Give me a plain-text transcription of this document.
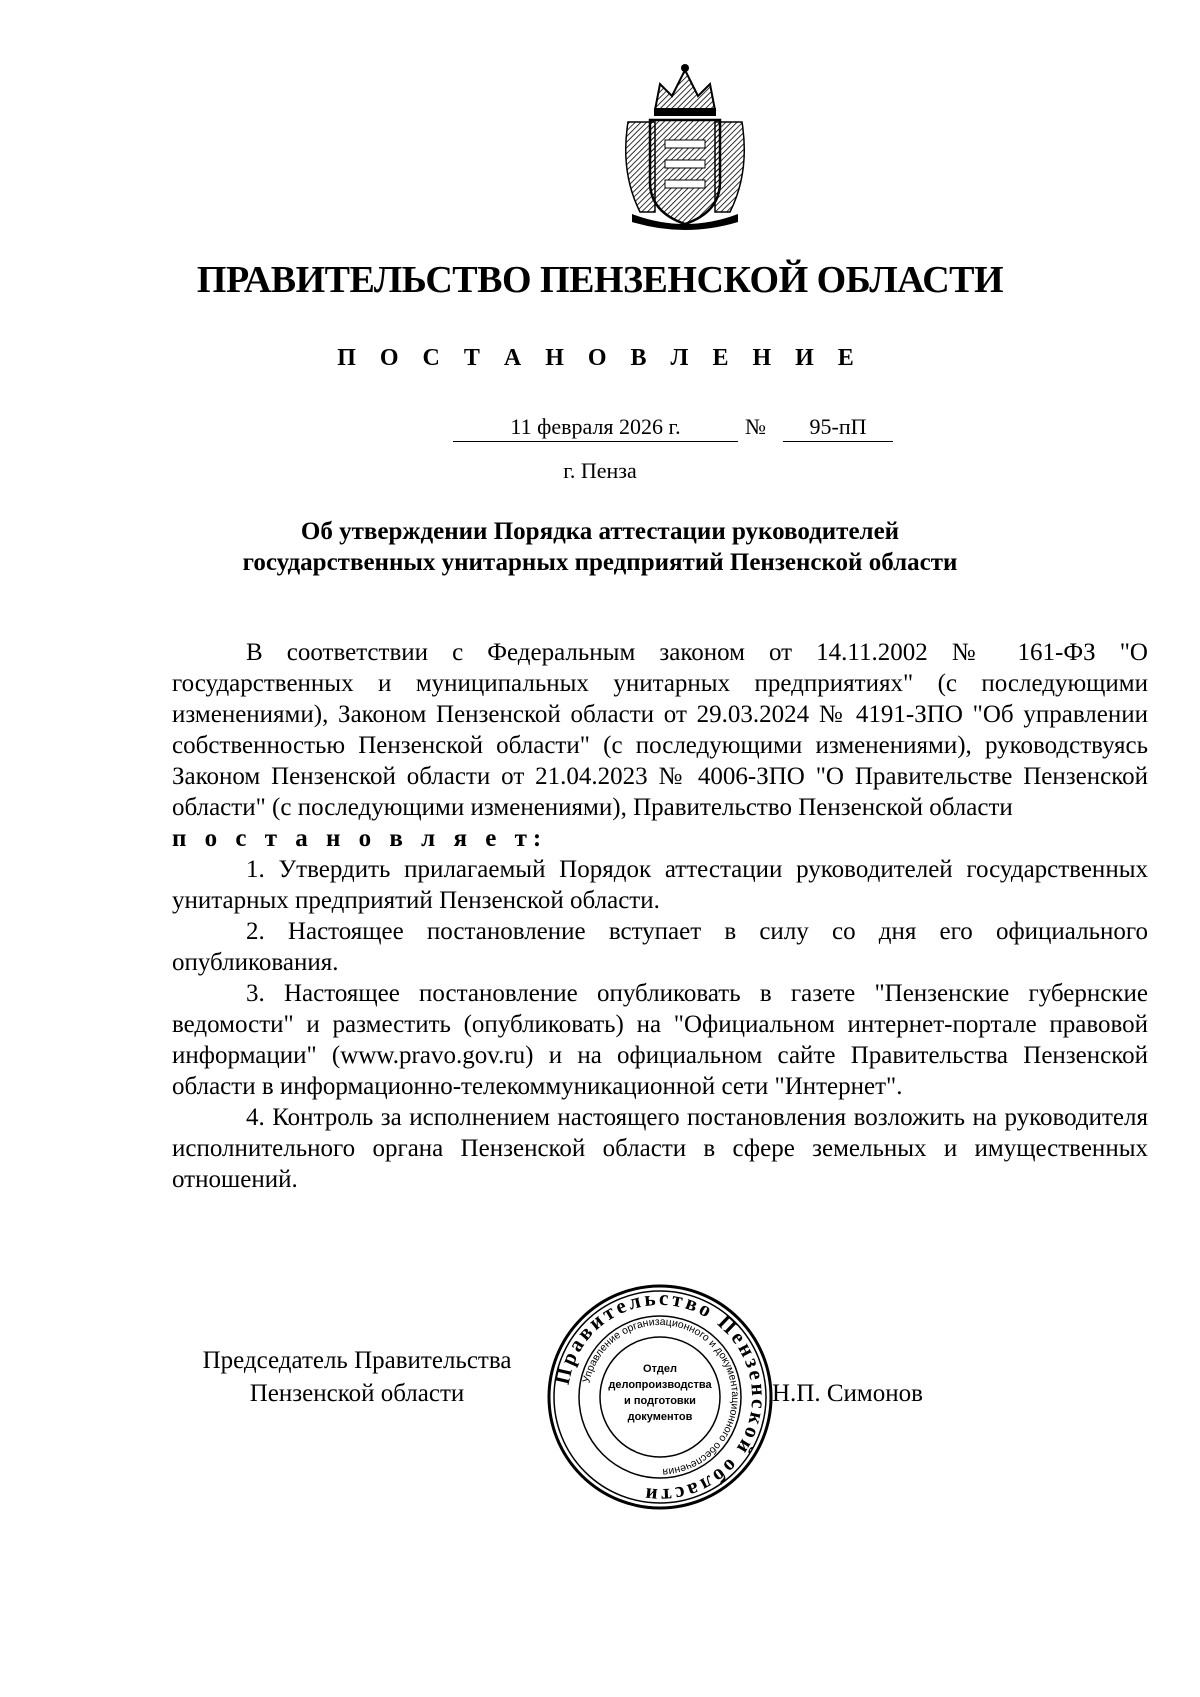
ПРАВИТЕЛЬСТВО ПЕНЗЕНСКОЙ ОБЛАСТИ
П О С Т А Н О В Л Е Н И Е
11 февраля 2026 г.	№	95-пП
г. Пенза
Об утверждении Порядка аттестации руководителей
государственных унитарных предприятий Пензенской области

В соответствии с Федеральным законом от 14.11.2002 № 161-ФЗ "О государственных и муниципальных унитарных предприятиях" (с последующими изменениями), Законом Пензенской области от 29.03.2024 № 4191-ЗПО "Об управлении собственностью Пензенской области" (с последующими изменениями), руководствуясь Законом Пензенской области от 21.04.2023 № 4006-ЗПО "О Правительстве Пензенской области" (с последующими изменениями), Правительство Пензенской области

п о с т а н о в л я е т:

1. Утвердить прилагаемый Порядок аттестации руководителей государственных унитарных предприятий Пензенской области.

2. Настоящее постановление вступает в силу со дня его официального опубликования.

3. Настоящее постановление опубликовать в газете "Пензенские губернские ведомости" и разместить (опубликовать) на "Официальном интернет-портале правовой информации" (www.pravo.gov.ru) и на официальном сайте Правительства Пензенской области в информационно-телекоммуникационной сети "Интернет".

4. Контроль за исполнением настоящего постановления возложить на руководителя исполнительного органа Пензенской области в сфере земельных и имущественных отношений.

Председатель Правительства
Пензенской области
Правительство Пензенской области
Управление организационного и документационного обеспечения
Отдел
делопроизводства
и подготовки
документов
Н.П. Симонов
